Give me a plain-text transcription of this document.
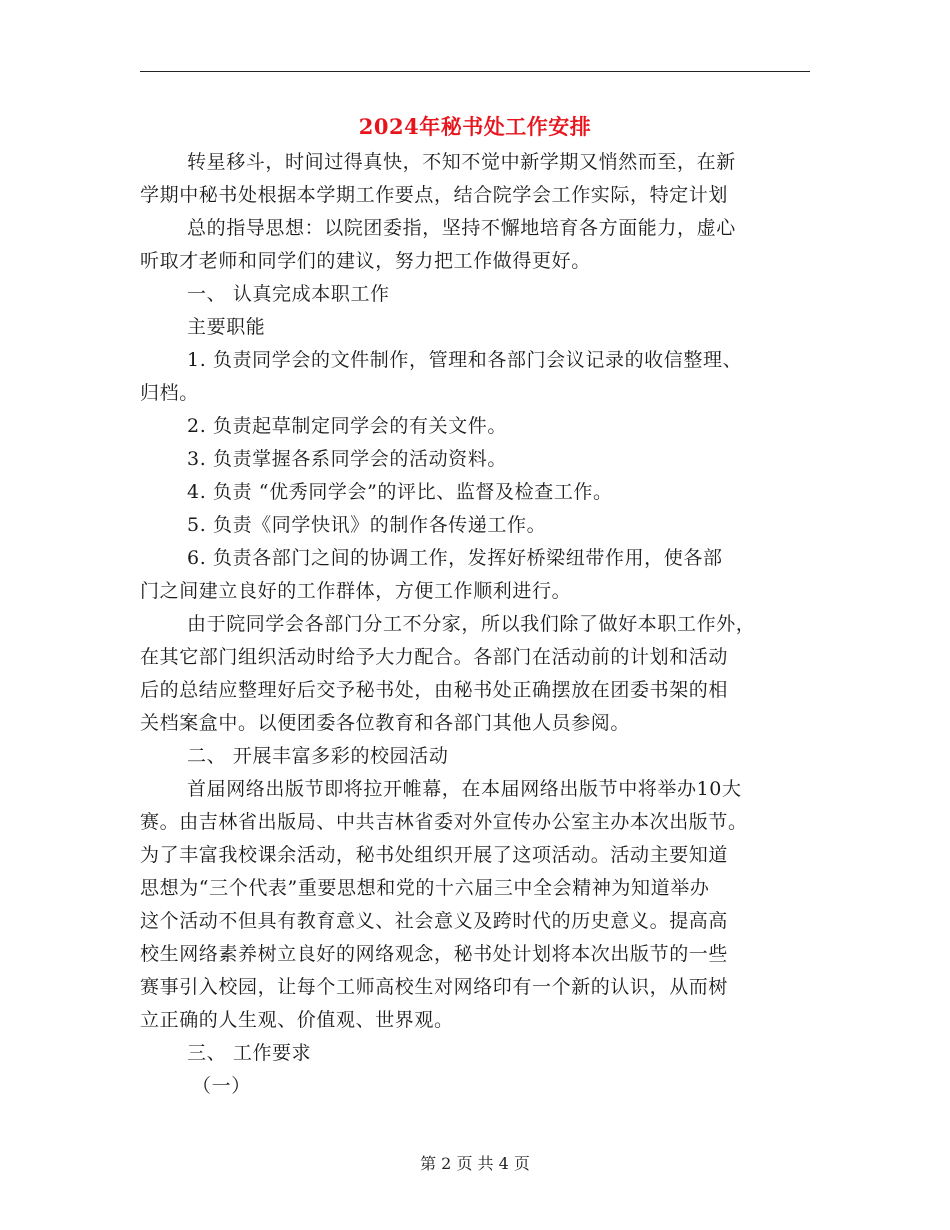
2024年秘书处工作安排
转星移斗，时间过得真快，不知不觉中新学期又悄然而至，在新
学期中秘书处根据本学期工作要点，结合院学会工作实际，特定计划
总的指导思想：以院团委指，坚持不懈地培育各方面能力，虚心
听取才老师和同学们的建议，努力把工作做得更好。
一、 认真完成本职工作
主要职能
1. 负责同学会的文件制作，管理和各部门会议记录的收信整理、
归档。
2. 负责起草制定同学会的有关文件。
3. 负责掌握各系同学会的活动资料。
4. 负责 “优秀同学会”的评比、监督及检查工作。
5. 负责《同学快讯》的制作各传递工作。
6. 负责各部门之间的协调工作，发挥好桥梁纽带作用，使各部
门之间建立良好的工作群体，方便工作顺利进行。
由于院同学会各部门分工不分家，所以我们除了做好本职工作外，
在其它部门组织活动时给予大力配合。各部门在活动前的计划和活动
后的总结应整理好后交予秘书处，由秘书处正确摆放在团委书架的相
关档案盒中。以便团委各位教育和各部门其他人员参阅。
二、 开展丰富多彩的校园活动
首届网络出版节即将拉开帷幕，在本届网络出版节中将举办10大
赛。由吉林省出版局、中共吉林省委对外宣传办公室主办本次出版节。
为了丰富我校课余活动，秘书处组织开展了这项活动。活动主要知道
思想为“三个代表”重要思想和党的十六届三中全会精神为知道举办
这个活动不但具有教育意义、社会意义及跨时代的历史意义。提高高
校生网络素养树立良好的网络观念，秘书处计划将本次出版节的一些
赛事引入校园，让每个工师高校生对网络印有一个新的认识，从而树
立正确的人生观、价值观、世界观。
三、 工作要求
（一）
第 2 页 共 4 页
